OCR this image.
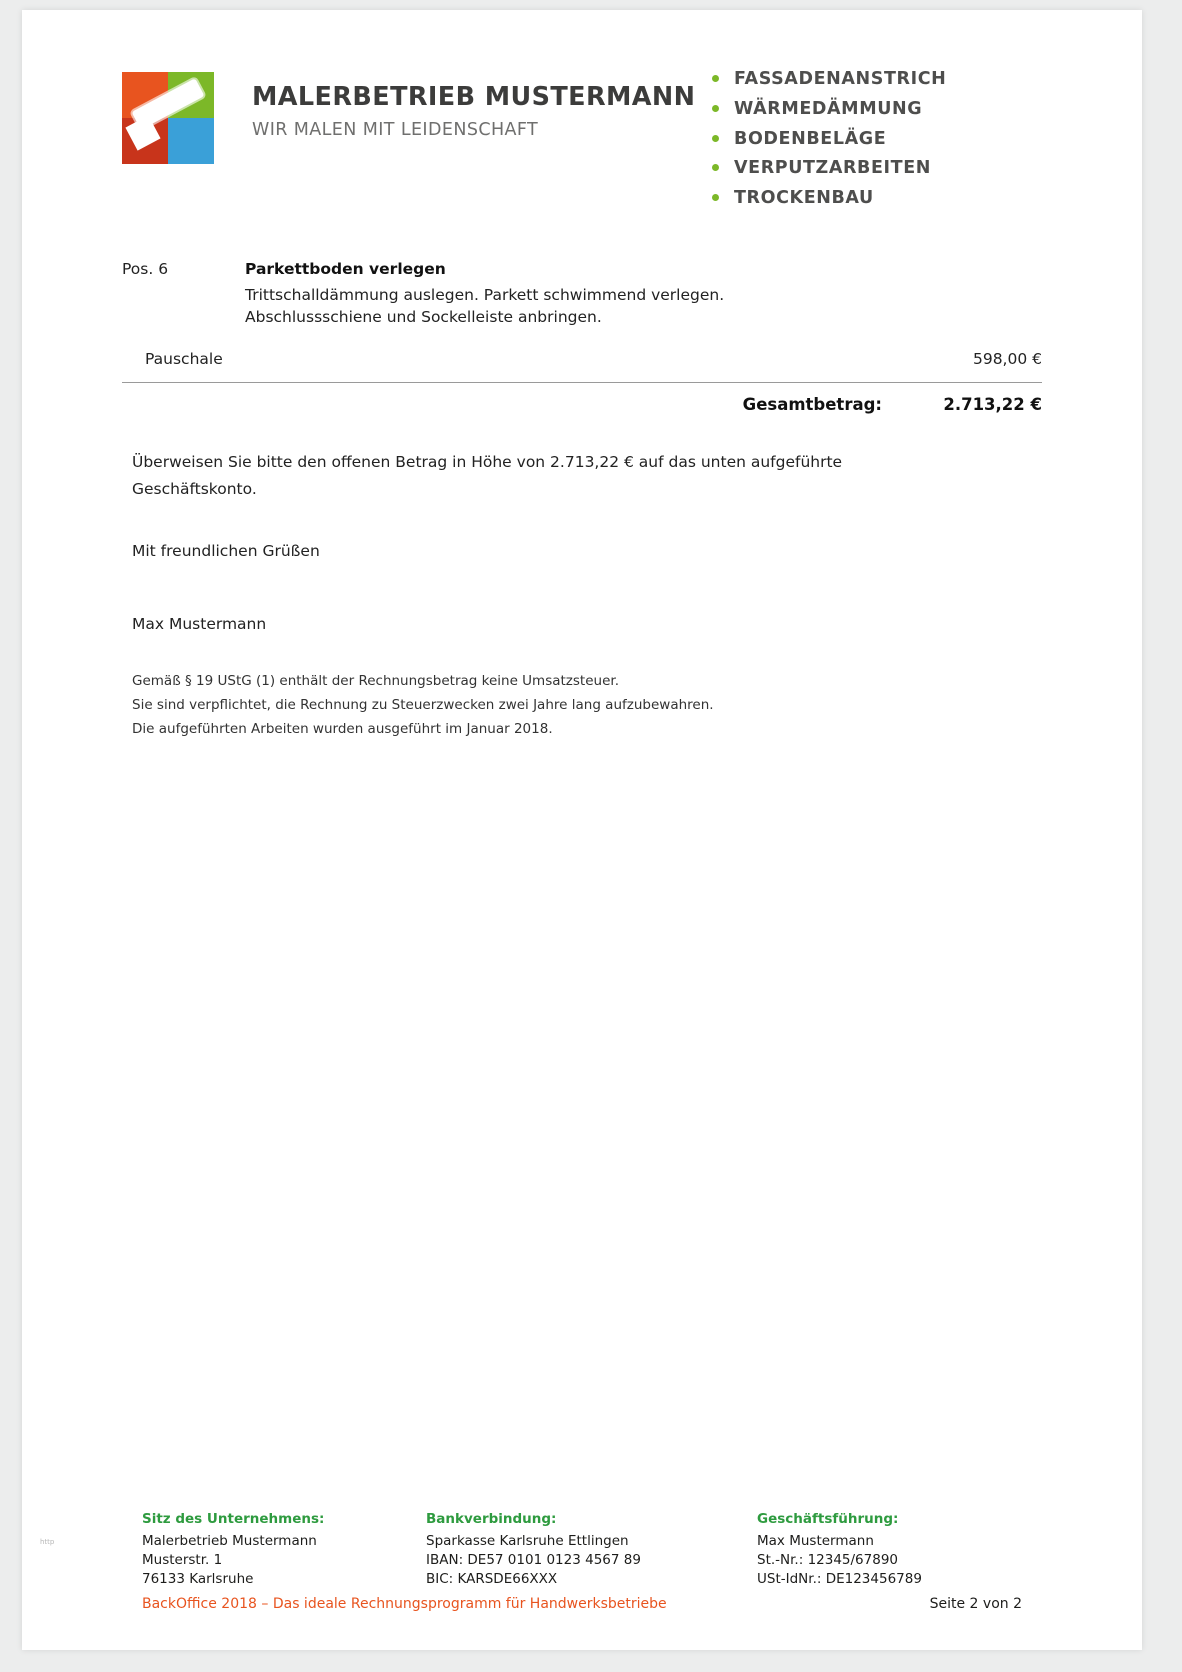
MALERBETRIEB MUSTERMANN
WIR MALEN MIT LEIDENSCHAFT
FASSADENANSTRICH
WÄRMEDÄMMUNG
BODENBELÄGE
VERPUTZARBEITEN
TROCKENBAU
Pos. 6	Parkettboden verlegen
Trittschalldämmung auslegen. Parkett schwimmend verlegen.
Abschlussschiene und Sockelleiste anbringen.
Pauschale	598,00 €
Gesamtbetrag:	2.713,22 €
Überweisen Sie bitte den offenen Betrag in Höhe von 2.713,22 € auf das unten aufgeführte Geschäftskonto.
Mit freundlichen Grüßen
Max Mustermann
Gemäß § 19 UStG (1) enthält der Rechnungsbetrag keine Umsatzsteuer.
Sie sind verpflichtet, die Rechnung zu Steuerzwecken zwei Jahre lang aufzubewahren.
Die aufgeführten Arbeiten wurden ausgeführt im Januar 2018.
Sitz des Unternehmens:
Malerbetrieb Mustermann
Musterstr. 1
76133 Karlsruhe
Bankverbindung:
Sparkasse Karlsruhe Ettlingen
IBAN: DE57 0101 0123 4567 89
BIC: KARSDE66XXX
Geschäftsführung:
Max Mustermann
St.-Nr.: 12345/67890
USt-IdNr.: DE123456789
BackOffice 2018 – Das ideale Rechnungsprogramm für Handwerksbetriebe	Seite 2 von 2
http
